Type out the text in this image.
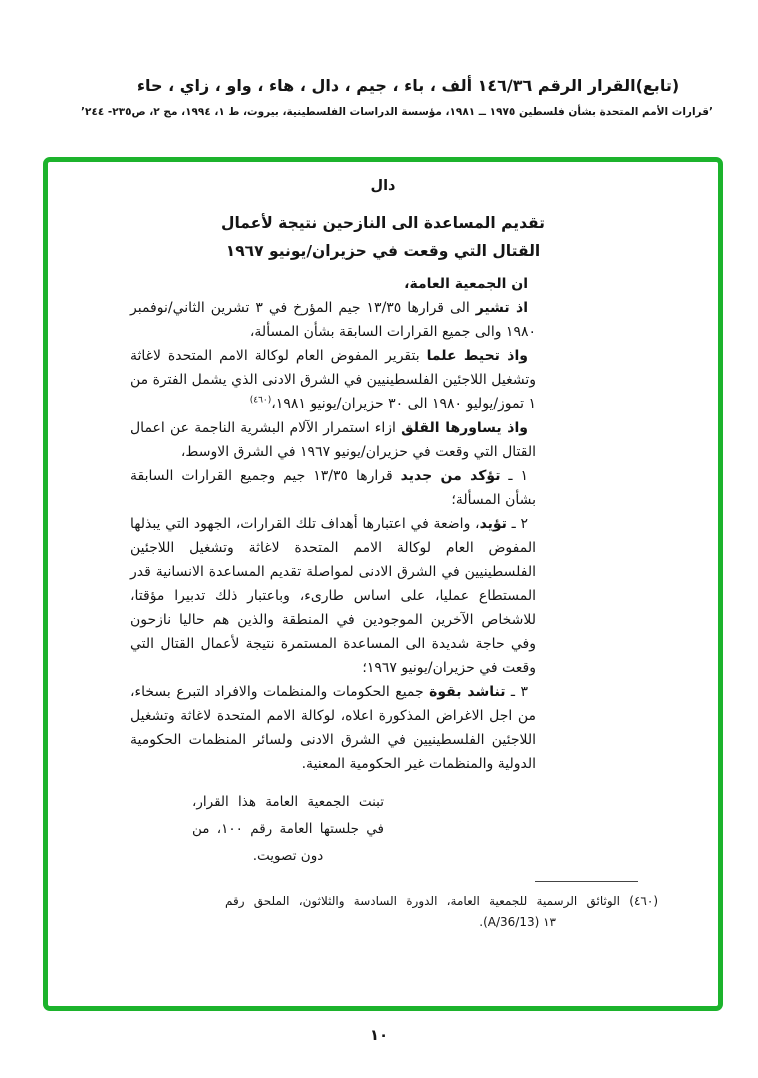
(تابع)القرار الرقم ١٤٦/٣٦ ألف ، باء ، جيم ، دال ، هاء ، واو ، زاي ، حاء
’قرارات الأمم المتحدة بشأن فلسطين ١٩٧٥ ــ ١٩٨١، مؤسسة الدراسات الفلسطينية، بيروت، ط ١، ١٩٩٤، مج ٢، ص٢٣٥- ٢٤٤’
دال
تقديم المساعدة الى النازحين نتيجة لأعمال
القتال التي وقعت في حزيران/يونيو ١٩٦٧

ان الجمعية العامة،

اذ تشير الى قرارها ١٣/٣٥ جيم المؤرخ في ٣ تشرين الثاني/نوفمبر ١٩٨٠ والى جميع القرارات السابقة بشأن المسألة،

واذ تحيط علما بتقرير المفوض العام لوكالة الامم المتحدة لاغاثة وتشغيل اللاجئين الفلسطينيين في الشرق الادنى الذي يشمل الفترة من ١ تموز/يوليو ١٩٨٠ الى ٣٠ حزيران/يونيو ١٩٨١،$^{(٤٦٠)}$

واذ يساورها القلق ازاء استمرار الآلام البشرية الناجمة عن اعمال القتال التي وقعت في حزيران/يونيو ١٩٦٧ في الشرق الاوسط،

١ ـ تؤكد من جديد قرارها ١٣/٣٥ جيم وجميع القرارات السابقة بشأن المسألة؛

٢ ـ تؤيد، واضعة في اعتبارها أهداف تلك القرارات، الجهود التي يبذلها المفوض العام لوكالة الامم المتحدة لاغاثة وتشغيل اللاجئين الفلسطينيين في الشرق الادنى لمواصلة تقديم المساعدة الانسانية قدر المستطاع عمليا، على اساس طارىء، وباعتبار ذلك تدبيرا مؤقتا، للاشخاص الآخرين الموجودين في المنطقة والذين هم حاليا نازحون وفي حاجة شديدة الى المساعدة المستمرة نتيجة لأعمال القتال التي وقعت في حزيران/يونيو ١٩٦٧؛

٣ ـ تناشد بقوة جميع الحكومات والمنظمات والافراد التبرع بسخاء، من اجل الاغراض المذكورة اعلاه، لوكالة الامم المتحدة لاغاثة وتشغيل اللاجئين الفلسطينيين في الشرق الادنى ولسائر المنظمات الحكومية الدولية والمنظمات غير الحكومية المعنية.

تبنت الجمعية العامة هذا القرار، في جلستها العامة رقم ١٠٠، من دون تصويت.
(٤٦٠) الوثائق الرسمية للجمعية العامة، الدورة السادسة والثلاثون، الملحق رقم
١٣ (A/36/13).
١٠
